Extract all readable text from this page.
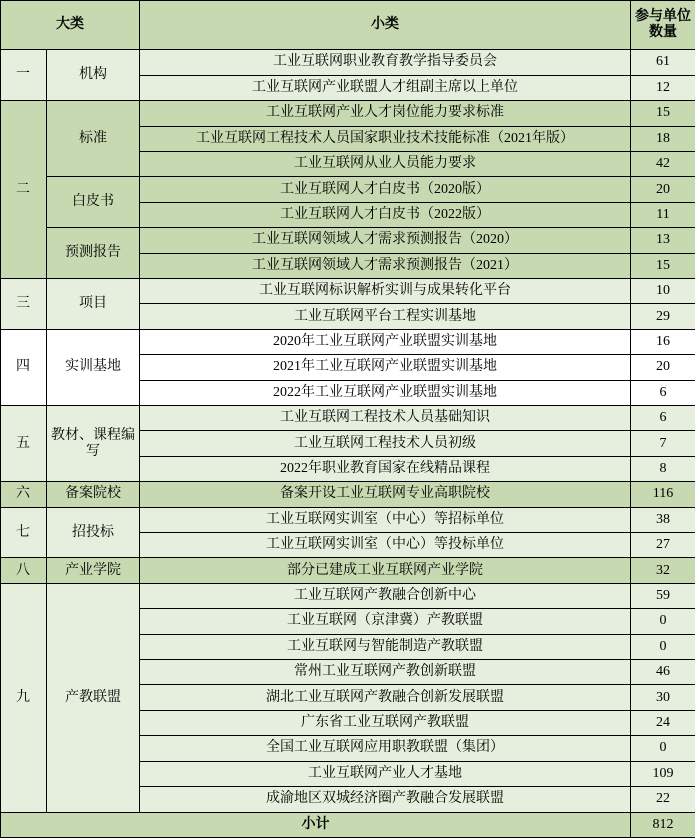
大类		小类	参与单位数量
一	机构	工业互联网职业教育教学指导委员会	61
		工业互联网产业联盟人才组副主席以上单位	12
二	标准	工业互联网产业人才岗位能力要求标准	15
		工业互联网工程技术人员国家职业技术技能标准（2021年版）	18
		工业互联网从业人员能力要求	42
	白皮书	工业互联网人才白皮书（2020版）	20
		工业互联网人才白皮书（2022版）	11
	预测报告	工业互联网领域人才需求预测报告（2020）	13
		工业互联网领域人才需求预测报告（2021）	15
三	项目	工业互联网标识解析实训与成果转化平台	10
		工业互联网平台工程实训基地	29
四	实训基地	2020年工业互联网产业联盟实训基地	16
		2021年工业互联网产业联盟实训基地	20
		2022年工业互联网产业联盟实训基地	6
五	教材、课程编写	工业互联网工程技术人员基础知识	6
		工业互联网工程技术人员初级	7
		2022年职业教育国家在线精品课程	8
六	备案院校	备案开设工业互联网专业高职院校	116
七	招投标	工业互联网实训室（中心）等招标单位	38
		工业互联网实训室（中心）等投标单位	27
八	产业学院	部分已建成工业互联网产业学院	32
九	产教联盟	工业互联网产教融合创新中心	59
		工业互联网（京津冀）产教联盟	0
		工业互联网与智能制造产教联盟	0
		常州工业互联网产教创新联盟	46
		湖北工业互联网产教融合创新发展联盟	30
		广东省工业互联网产教联盟	24
		全国工业互联网应用职教联盟（集团）	0
		工业互联网产业人才基地	109
		成渝地区双城经济圈产教融合发展联盟	22
小计			812
